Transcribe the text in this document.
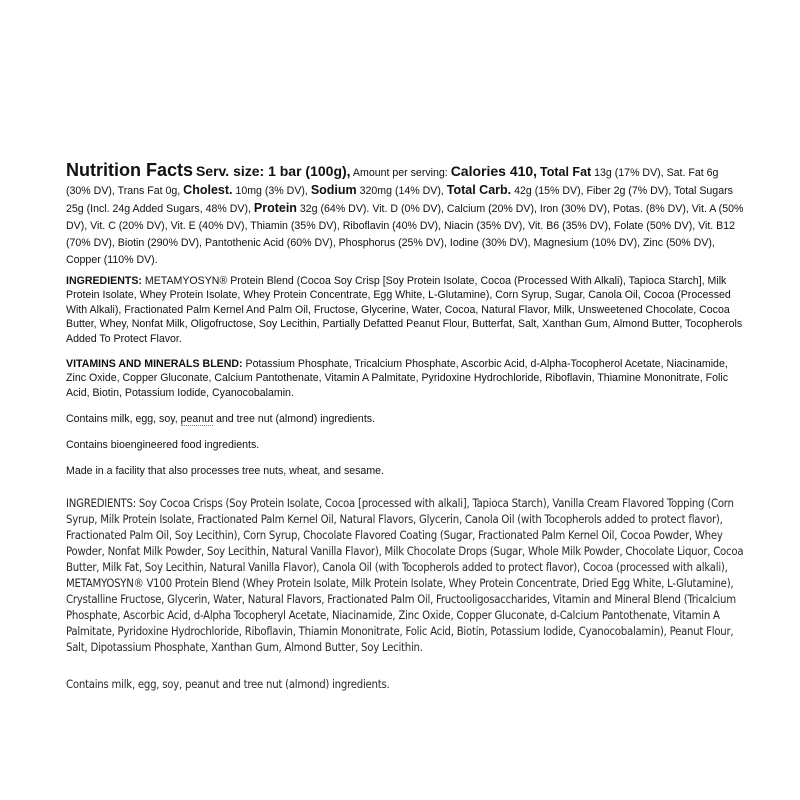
Nutrition Facts Serv. size: 1 bar (100g), Amount per serving: Calories 410, Total Fat 13g (17% DV), Sat. Fat 6g (30% DV), Trans Fat 0g, Cholest. 10mg (3% DV), Sodium 320mg (14% DV), Total Carb. 42g (15% DV), Fiber 2g (7% DV), Total Sugars 25g (Incl. 24g Added Sugars, 48% DV), Protein 32g (64% DV). Vit. D (0% DV), Calcium (20% DV), Iron (30% DV), Potas. (8% DV), Vit. A (50% DV), Vit. C (20% DV), Vit. E (40% DV), Thiamin (35% DV), Riboflavin (40% DV), Niacin (35% DV), Vit. B6 (35% DV), Folate (50% DV), Vit. B12 (70% DV), Biotin (290% DV), Pantothenic Acid (60% DV), Phosphorus (25% DV), Iodine (30% DV), Magnesium (10% DV), Zinc (50% DV), Copper (110% DV).

INGREDIENTS: METAMYOSYN® Protein Blend (Cocoa Soy Crisp [Soy Protein Isolate, Cocoa (Processed With Alkali), Tapioca Starch], Milk Protein Isolate, Whey Protein Isolate, Whey Protein Concentrate, Egg White, L-Glutamine), Corn Syrup, Sugar, Canola Oil, Cocoa (Processed With Alkali), Fractionated Palm Kernel And Palm Oil, Fructose, Glycerine, Water, Cocoa, Natural Flavor, Milk, Unsweetened Chocolate, Cocoa Butter, Whey, Nonfat Milk, Oligofructose, Soy Lecithin, Partially Defatted Peanut Flour, Butterfat, Salt, Xanthan Gum, Almond Butter, Tocopherols Added To Protect Flavor.

VITAMINS AND MINERALS BLEND: Potassium Phosphate, Tricalcium Phosphate, Ascorbic Acid, d-Alpha-Tocopherol Acetate, Niacinamide, Zinc Oxide, Copper Gluconate, Calcium Pantothenate, Vitamin A Palmitate, Pyridoxine Hydrochloride, Riboflavin, Thiamine Mononitrate, Folic Acid, Biotin, Potassium Iodide, Cyanocobalamin.

Contains milk, egg, soy, peanut and tree nut (almond) ingredients.

Contains bioengineered food ingredients.

Made in a facility that also processes tree nuts, wheat, and sesame.

INGREDIENTS: Soy Cocoa Crisps (Soy Protein Isolate, Cocoa [processed with alkali], Tapioca Starch), Vanilla Cream Flavored Topping (Corn Syrup, Milk Protein Isolate, Fractionated Palm Kernel Oil, Natural Flavors, Glycerin, Canola Oil (with Tocopherols added to protect flavor), Fractionated Palm Oil, Soy Lecithin), Corn Syrup, Chocolate Flavored Coating (Sugar, Fractionated Palm Kernel Oil, Cocoa Powder, Whey Powder, Nonfat Milk Powder, Soy Lecithin, Natural Vanilla Flavor), Milk Chocolate Drops (Sugar, Whole Milk Powder, Chocolate Liquor, Cocoa Butter, Milk Fat, Soy Lecithin, Natural Vanilla Flavor), Canola Oil (with Tocopherols added to protect flavor), Cocoa (processed with alkali), METAMYOSYN® V100 Protein Blend (Whey Protein Isolate, Milk Protein Isolate, Whey Protein Concentrate, Dried Egg White, L-Glutamine), Crystalline Fructose, Glycerin, Water, Natural Flavors, Fractionated Palm Oil, Fructooligosaccharides, Vitamin and Mineral Blend (Tricalcium Phosphate, Ascorbic Acid, d-Alpha Tocopheryl Acetate, Niacinamide, Zinc Oxide, Copper Gluconate, d-Calcium Pantothenate, Vitamin A Palmitate, Pyridoxine Hydrochloride, Riboflavin, Thiamin Mononitrate, Folic Acid, Biotin, Potassium Iodide, Cyanocobalamin), Peanut Flour, Salt, Dipotassium Phosphate, Xanthan Gum, Almond Butter, Soy Lecithin.

Contains milk, egg, soy, peanut and tree nut (almond) ingredients.
